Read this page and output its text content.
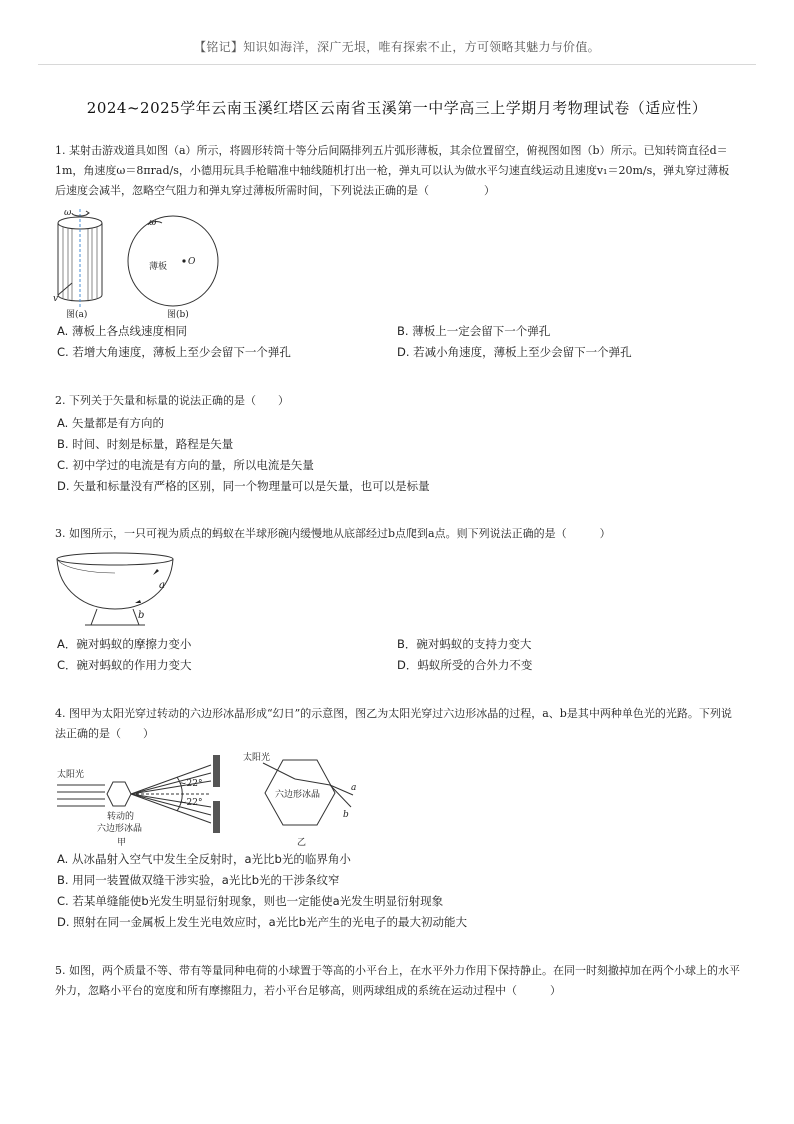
【铭记】知识如海洋，深广无垠，唯有探索不止，方可领略其魅力与价值。
2024~2025学年云南玉溪红塔区云南省玉溪第一中学高三上学期月考物理试卷（适应性）
1. 某射击游戏道具如图（a）所示，将圆形转筒十等分后间隔排列五片弧形薄板，其余位置留空，俯视图如图（b）所示。已知转筒直径d＝1m，角速度ω＝8πrad/s，小德用玩具手枪瞄准中轴线随机打出一枪，弹丸可以认为做水平匀速直线运动且速度v₁＝20m/s，弹丸穿过薄板后速度会减半，忽略空气阻力和弹丸穿过薄板所需时间，下列说法正确的是（　　　　　）
ω
v
图(a)
ω
O
薄板
图(b)
A. 薄板上各点线速度相同	B. 薄板上一定会留下一个弹孔
C. 若增大角速度，薄板上至少会留下一个弹孔	D. 若减小角速度，薄板上至少会留下一个弹孔
2. 下列关于矢量和标量的说法正确的是（　　）
A. 矢量都是有方向的
B. 时间、时刻是标量，路程是矢量
C. 初中学过的电流是有方向的量，所以电流是矢量
D. 矢量和标量没有严格的区别，同一个物理量可以是矢量，也可以是标量
3. 如图所示，一只可视为质点的蚂蚁在半球形碗内缓慢地从底部经过b点爬到a点。则下列说法正确的是（　　　）
a
b
A．碗对蚂蚁的摩擦力变小	B．碗对蚂蚁的支持力变大
C．碗对蚂蚁的作用力变大	D．蚂蚁所受的合外力不变
4. 图甲为太阳光穿过转动的六边形冰晶形成“幻日”的示意图，图乙为太阳光穿过六边形冰晶的过程，a、b是其中两种单色光的光路。下列说法正确的是（　　）
太阳光
~22°
~22°
转动的
六边形冰晶
甲
太阳光
六边形冰晶
a
b
乙
A. 从冰晶射入空气中发生全反射时，a光比b光的临界角小
B. 用同一装置做双缝干涉实验，a光比b光的干涉条纹窄
C. 若某单缝能使b光发生明显衍射现象，则也一定能使a光发生明显衍射现象
D. 照射在同一金属板上发生光电效应时，a光比b光产生的光电子的最大初动能大
5. 如图，两个质量不等、带有等量同种电荷的小球置于等高的小平台上，在水平外力作用下保持静止。在同一时刻撤掉加在两个小球上的水平外力，忽略小平台的宽度和所有摩擦阻力，若小平台足够高，则两球组成的系统在运动过程中（　　　）
